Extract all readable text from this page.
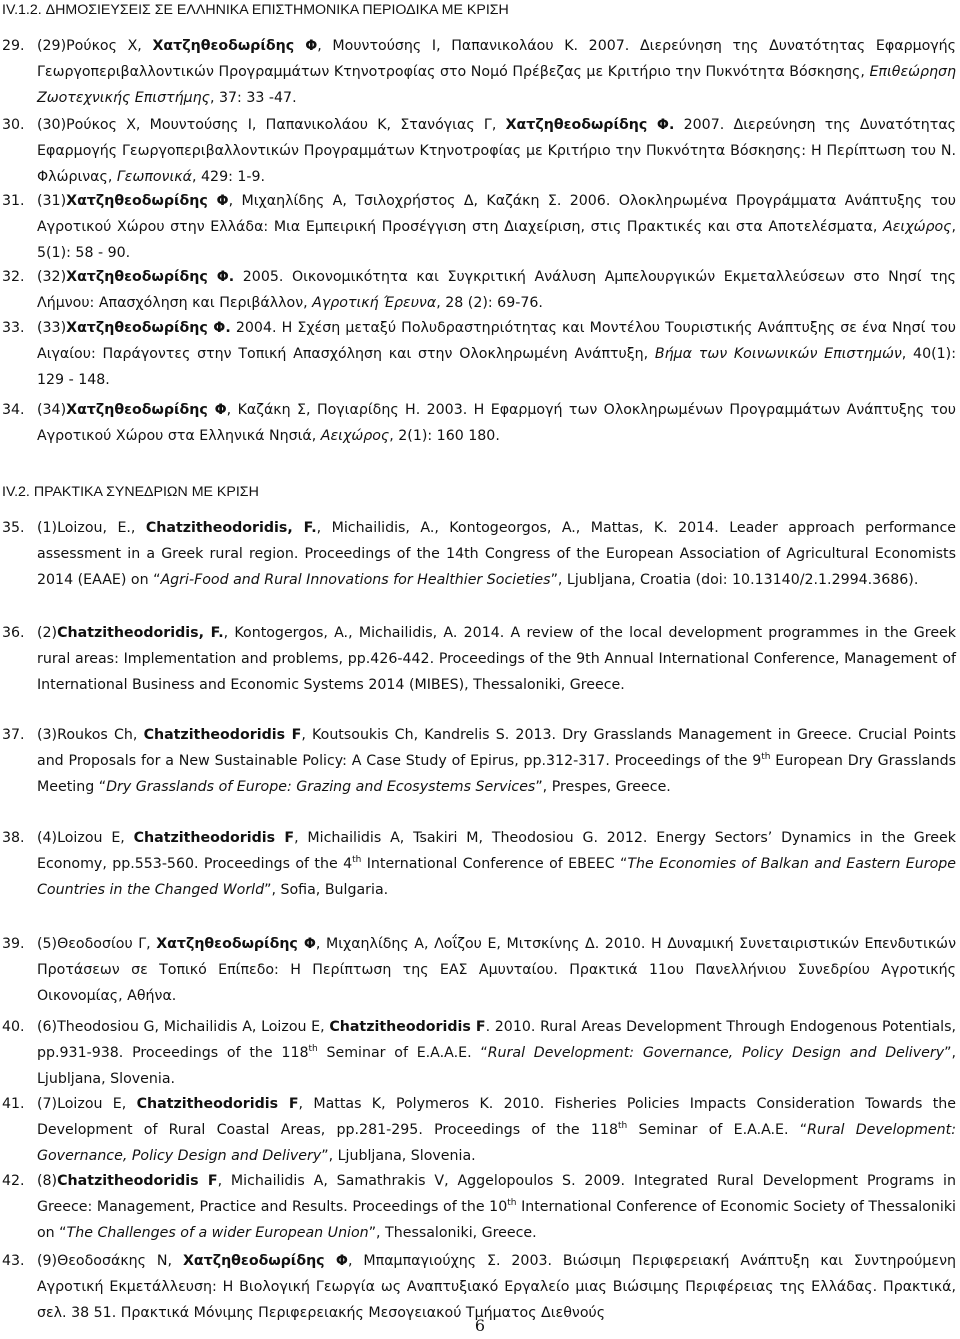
IV.1.2. ΔΗΜΟΣΙΕΥΣΕΙΣ ΣΕ ΕΛΛΗΝΙΚΑ ΕΠΙΣΤΗΜΟΝΙΚΑ ΠΕΡΙΟΔΙΚΑ ΜΕ ΚΡΙΣΗ
29. (29)Ρούκος Χ, Χατζηθεοδωρίδης Φ, Μουντούσης Ι, Παπανικολάου Κ. 2007. Διερεύνηση της Δυνατότητας Εφαρμογής Γεωργοπεριβαλλοντικών Προγραμμάτων Κτηνοτροφίας στο Νομό Πρέβεζας με Κριτήριο την Πυκνότητα Βόσκησης, Επιθεώρηση Ζωοτεχνικής Επιστήμης, 37: 33 -47.
30. (30)Ρούκος Χ, Μουντούσης Ι, Παπανικολάου Κ, Στανόγιας Γ, Χατζηθεοδωρίδης Φ. 2007. Διερεύνηση της Δυνατότητας Εφαρμογής Γεωργοπεριβαλλοντικών Προγραμμάτων Κτηνοτροφίας με Κριτήριο την Πυκνότητα Βόσκησης: Η Περίπτωση του Ν. Φλώρινας, Γεωπονικά, 429: 1-9.
31. (31)Χατζηθεοδωρίδης Φ, Μιχαηλίδης Α, Τσιλοχρήστος Δ, Καζάκη Σ. 2006. Ολοκληρωμένα Προγράμματα Ανάπτυξης του Αγροτικού Χώρου στην Ελλάδα: Μια Εμπειρική Προσέγγιση στη Διαχείριση, στις Πρακτικές και στα Αποτελέσματα, Αειχώρος, 5(1): 58 - 90.
32. (32)Χατζηθεοδωρίδης Φ. 2005. Οικονομικότητα και Συγκριτική Ανάλυση Αμπελουργικών Εκμεταλλεύσεων στο Νησί της Λήμνου: Απασχόληση και Περιβάλλον, Αγροτική Έρευνα, 28 (2): 69-76.
33. (33)Χατζηθεοδωρίδης Φ. 2004. Η Σχέση μεταξύ Πολυδραστηριότητας και Μοντέλου Τουριστικής Ανάπτυξης σε ένα Νησί του Αιγαίου: Παράγοντες στην Τοπική Απασχόληση και στην Ολοκληρωμένη Ανάπτυξη, Βήμα των Κοινωνικών Επιστημών, 40(1): 129 - 148.
34. (34)Χατζηθεοδωρίδης Φ, Καζάκη Σ, Πογιαρίδης Η. 2003. Η Εφαρμογή των Ολοκληρωμένων Προγραμμάτων Ανάπτυξης του Αγροτικού Χώρου στα Ελληνικά Νησιά, Αειχώρος, 2(1): 160 180.
IV.2. ΠΡΑΚΤΙΚΑ ΣΥΝΕΔΡΙΩΝ ΜΕ ΚΡΙΣΗ
35. (1)Loizou, E., Chatzitheodoridis, F., Michailidis, A., Kontogeorgos, A., Mattas, K. 2014. Leader approach performance assessment in a Greek rural region. Proceedings of the 14th Congress of the European Association of Agricultural Economists 2014 (EAAE) on “Agri-Food and Rural Innovations for Healthier Societies”, Ljubljana, Croatia (doi: 10.13140/2.1.2994.3686).
36. (2)Chatzitheodoridis, F., Kontogergos, A., Michailidis, A. 2014. A review of the local development programmes in the Greek rural areas: Implementation and problems, pp.426-442. Proceedings of the 9th Annual International Conference, Management of International Business and Economic Systems 2014 (MIBES), Thessaloniki, Greece.
37. (3)Roukos Ch, Chatzitheodoridis F, Koutsoukis Ch, Kandrelis S. 2013. Dry Grasslands Management in Greece. Crucial Points and Proposals for a New Sustainable Policy: A Case Study of Epirus, pp.312-317. Proceedings of the 9th European Dry Grasslands Meeting “Dry Grasslands of Europe: Grazing and Ecosystems Services”, Prespes, Greece.
38. (4)Loizou E, Chatzitheodoridis F, Michailidis A, Tsakiri M, Theodosiou G. 2012. Energy Sectors’ Dynamics in the Greek Economy, pp.553-560. Proceedings of the 4th International Conference of EBEEC “The Economies of Balkan and Eastern Europe Countries in the Changed World”, Sofia, Bulgaria.
39. (5)Θεοδοσίου Γ, Χατζηθεοδωρίδης Φ, Μιχαηλίδης Α, Λοΐζου Ε, Μιτσκίνης Δ. 2010. Η Δυναμική Συνεταιριστικών Επενδυτικών Προτάσεων σε Τοπικό Επίπεδο: Η Περίπτωση της ΕΑΣ Αμυνταίου. Πρακτικά 11ου Πανελλήνιου Συνεδρίου Αγροτικής Οικονομίας, Αθήνα.
40. (6)Theodosiou G, Michailidis A, Loizou E, Chatzitheodoridis F. 2010. Rural Areas Development Through Endogenous Potentials, pp.931-938. Proceedings of the 118th Seminar of E.A.A.E. “Rural Development: Governance, Policy Design and Delivery”, Ljubljana, Slovenia.
41. (7)Loizou E, Chatzitheodoridis F, Mattas K, Polymeros K. 2010. Fisheries Policies Impacts Consideration Towards the Development of Rural Coastal Areas, pp.281-295. Proceedings of the 118th Seminar of E.A.A.E. “Rural Development: Governance, Policy Design and Delivery”, Ljubljana, Slovenia.
42. (8)Chatzitheodoridis F, Michailidis A, Samathrakis V, Aggelopoulos S. 2009. Integrated Rural Development Programs in Greece: Management, Practice and Results. Proceedings of the 10th International Conference of Economic Society of Thessaloniki on “The Challenges of a wider European Union”, Thessaloniki, Greece.
43. (9)Θεοδοσάκης Ν, Χατζηθεοδωρίδης Φ, Μπαμπαγιούχης Σ. 2003. Βιώσιμη Περιφερειακή Ανάπτυξη και Συντηρούμενη Αγροτική Εκμετάλλευση: Η Βιολογική Γεωργία ως Αναπτυξιακό Εργαλείο μιας Βιώσιμης Περιφέρειας της Ελλάδας. Πρακτικά, σελ. 38 51. Πρακτικά Μόνιμης Περιφερειακής Μεσογειακού Τμήματος Διεθνούς
6
